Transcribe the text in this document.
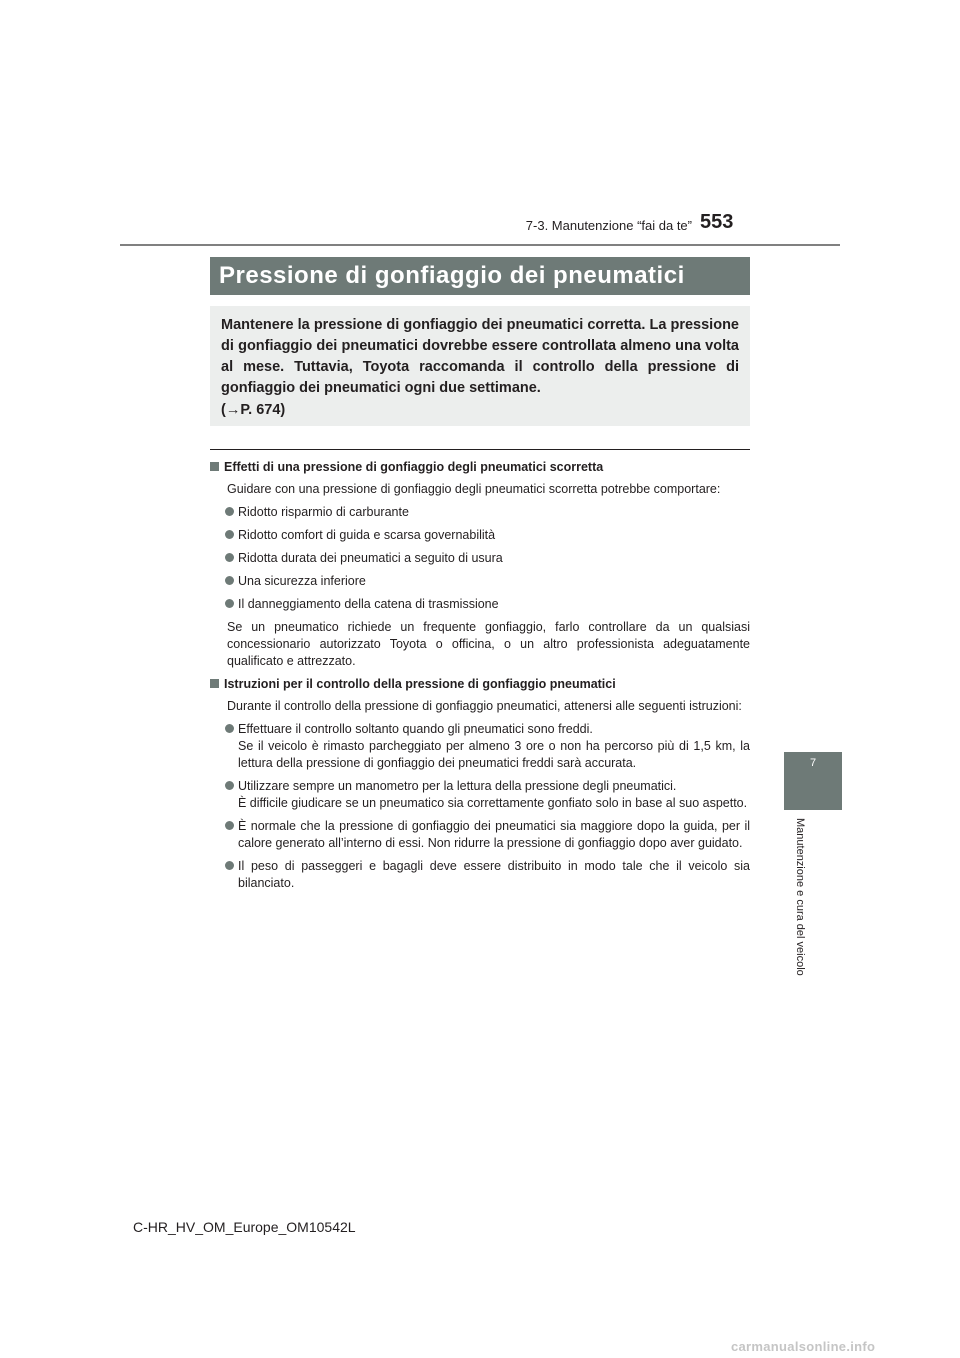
7-3. Manutenzione “fai da te” 553
7
Manutenzione e cura del veicolo
Pressione di gonfiaggio dei pneumatici
Mantenere la pressione di gonfiaggio dei pneumatici corretta. La pressione di gonfiaggio dei pneumatici dovrebbe essere controllata almeno una volta al mese. Tuttavia, Toyota raccomanda il controllo della pressione di gonfiaggio dei pneumatici ogni due settimane.
(→P. 674)
Effetti di una pressione di gonfiaggio degli pneumatici scorretta
Guidare con una pressione di gonfiaggio degli pneumatici scorretta potrebbe comportare:
Ridotto risparmio di carburante
Ridotto comfort di guida e scarsa governabilità
Ridotta durata dei pneumatici a seguito di usura
Una sicurezza inferiore
Il danneggiamento della catena di trasmissione
Se un pneumatico richiede un frequente gonfiaggio, farlo controllare da un qualsiasi concessionario autorizzato Toyota o officina, o un altro professionista adeguatamente qualificato e attrezzato.
Istruzioni per il controllo della pressione di gonfiaggio pneumatici
Durante il controllo della pressione di gonfiaggio pneumatici, attenersi alle seguenti istruzioni:
Effettuare il controllo soltanto quando gli pneumatici sono freddi.
Se il veicolo è rimasto parcheggiato per almeno 3 ore o non ha percorso più di 1,5 km, la lettura della pressione di gonfiaggio dei pneumatici freddi sarà accurata.
Utilizzare sempre un manometro per la lettura della pressione degli pneumatici.
È difficile giudicare se un pneumatico sia correttamente gonfiato solo in base al suo aspetto.
È normale che la pressione di gonfiaggio dei pneumatici sia maggiore dopo la guida, per il calore generato all’interno di essi. Non ridurre la pressione di gonfiaggio dopo aver guidato.
Il peso di passeggeri e bagagli deve essere distribuito in modo tale che il veicolo sia bilanciato.
C-HR_HV_OM_Europe_OM10542L
carmanualsonline.info
